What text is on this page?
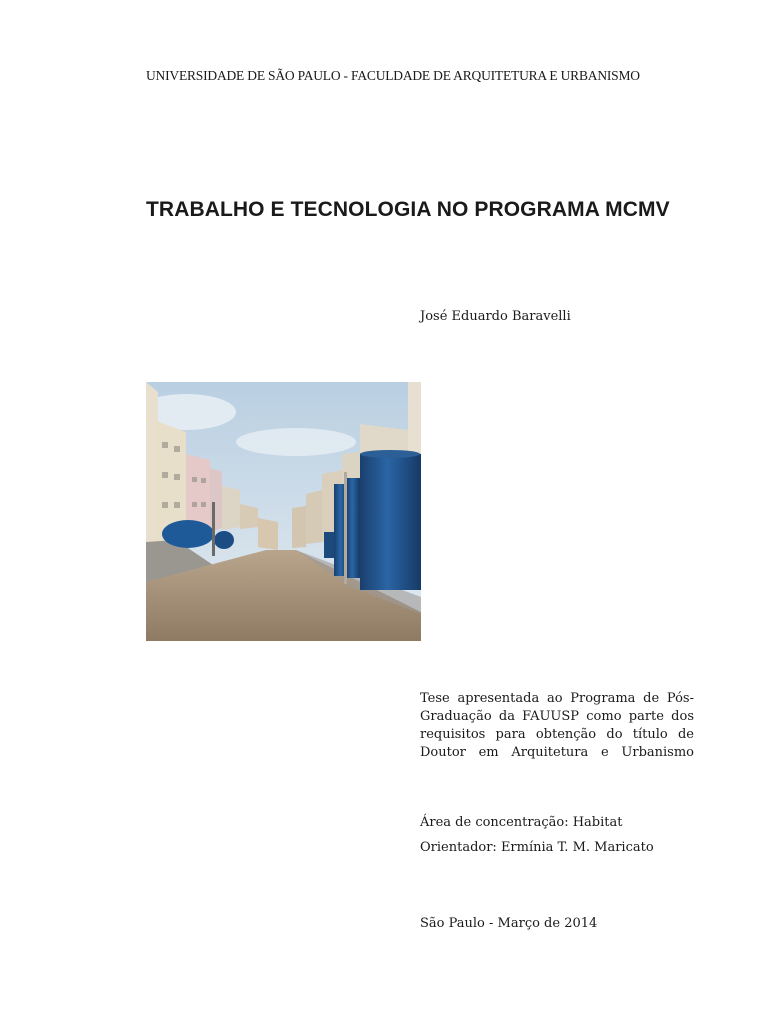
UNIVERSIDADE DE SÃO PAULO - FACULDADE DE ARQUITETURA E URBANISMO
TRABALHO E TECNOLOGIA NO PROGRAMA MCMV
José Eduardo Baravelli
Tese apresentada ao Programa de Pós-Graduação da FAUUSP como parte dos requisitos para obtenção do título de Doutor em Arquitetura e Urbanismo
Área de concentração: Habitat
Orientador: Ermínia T. M. Maricato
São Paulo - Março de 2014
